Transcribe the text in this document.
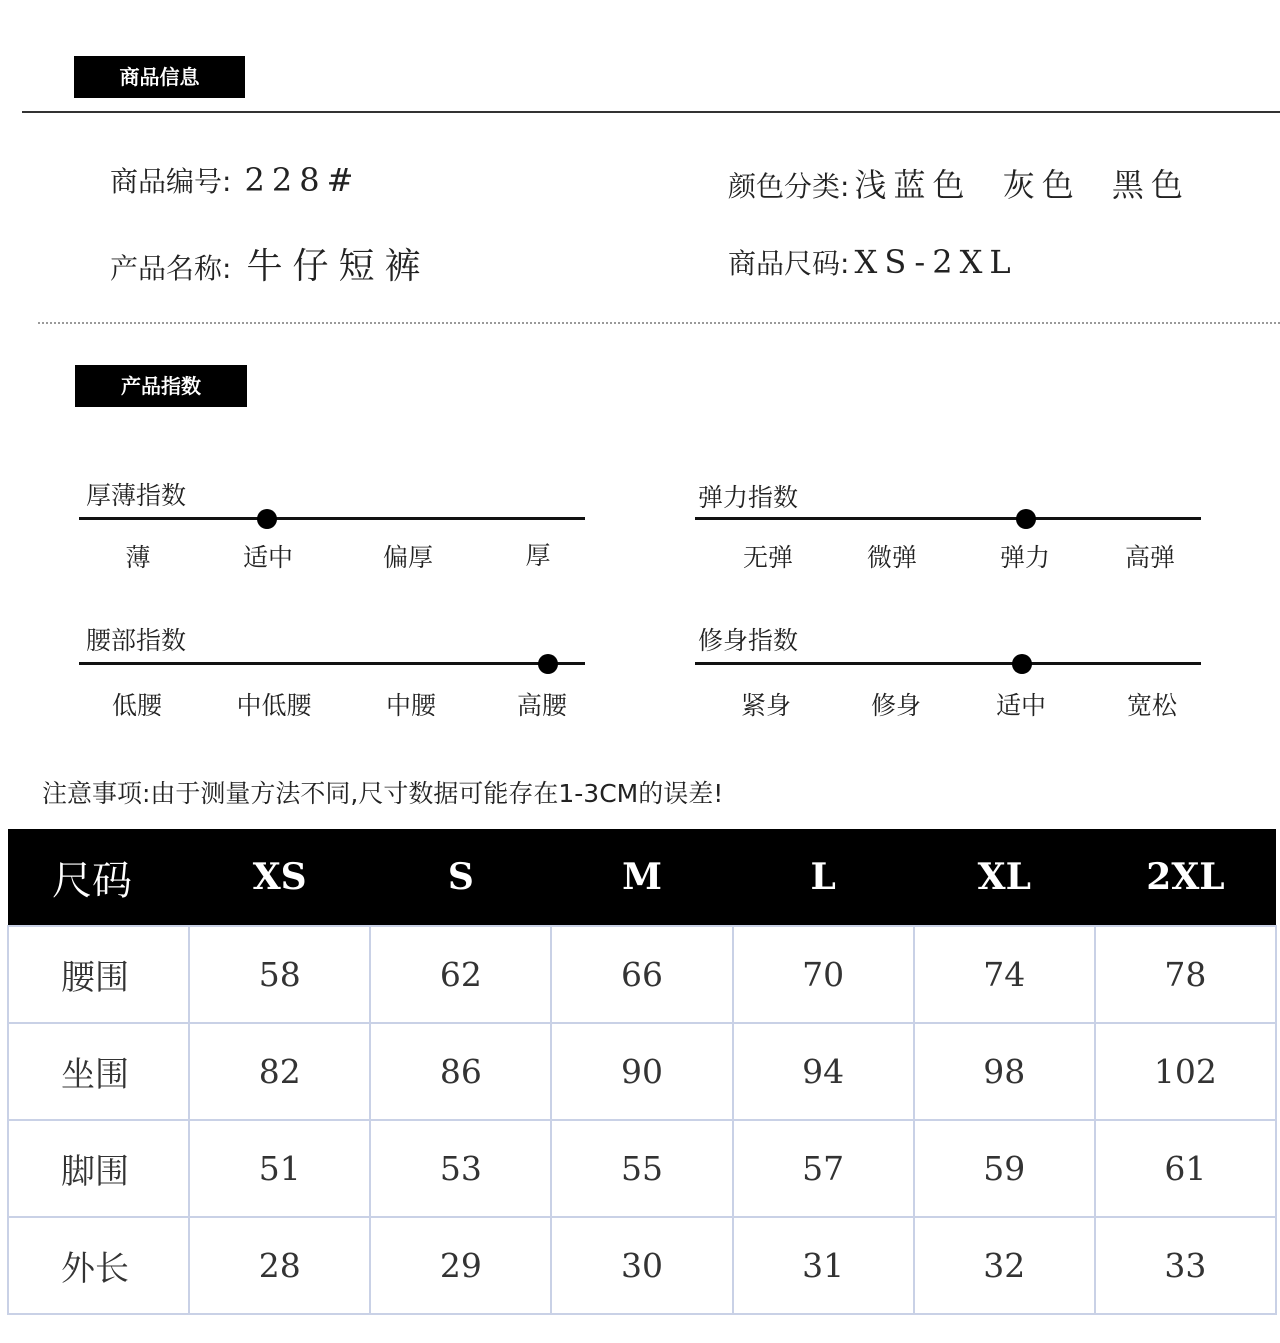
商品信息
商品编号: 228#
产品名称: 牛仔短裤
颜色分类: 浅蓝色 灰色 黑色
商品尺码: XS-2XL
产品指数
厚薄指数
薄	适中	偏厚	厚
弹力指数
无弹	微弹	弹力	高弹
腰部指数
低腰	中低腰	中腰	高腰
修身指数
紧身	修身	适中	宽松
注意事项:由于测量方法不同,尺寸数据可能存在1-3CM的误差!
尺码	XS	S	M	L	XL	2XL
腰围	58	62	66	70	74	78
坐围	82	86	90	94	98	102
脚围	51	53	55	57	59	61
外长	28	29	30	31	32	33
